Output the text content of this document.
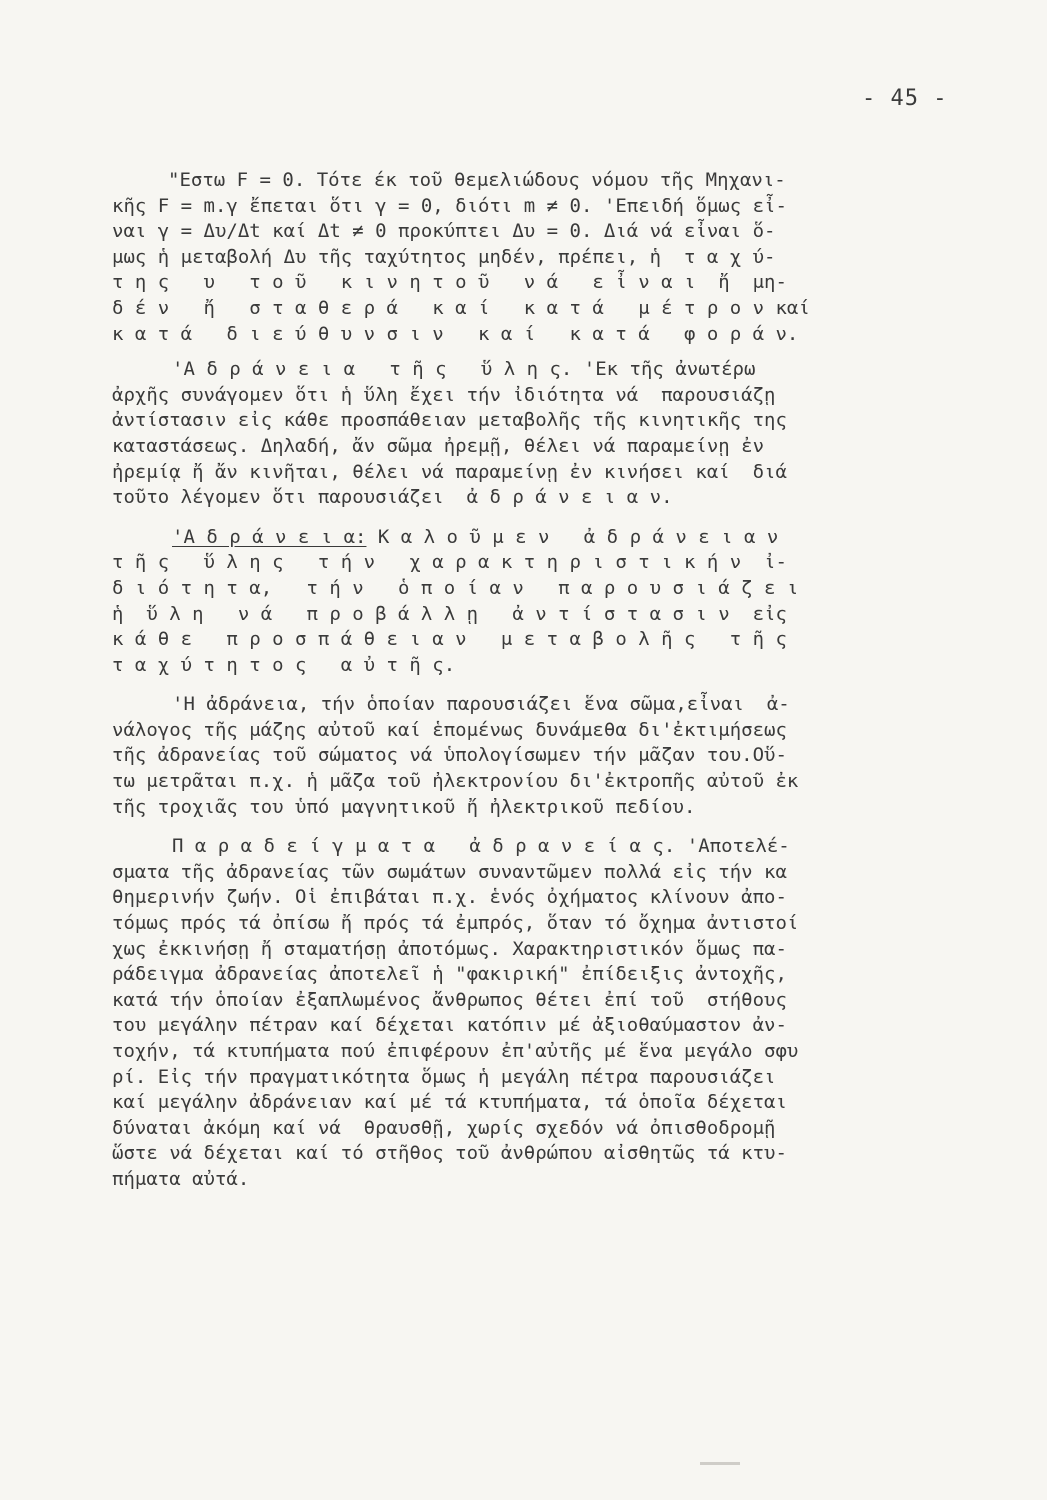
- 45 -
"Εστω F = 0. Τότε έκ τοῦ θεμελιώδους νόμου τῆς Μηχανι-
κῆς F = m.γ ἔπεται ὅτι γ = 0, διότι m ≠ 0. 'Επειδή ὅμως εἶ-
ναι γ = Δυ/Δt καί Δt ≠ 0 προκύπτει Δυ = 0. Διά νά εἶναι ὅ-
μως ἡ μεταβολή Δυ τῆς ταχύτητος μηδέν, πρέπει, ἡ  τ α χ ύ-
τ η ς   υ   τ ο ῦ   κ ι ν η τ ο ῦ   ν ά   ε ἶ ν α ι  ἤ  μη-
δ έ ν   ἤ   σ τ α θ ε ρ ά   κ α ί   κ α τ ά   μ έ τ ρ ο ν καί
κ α τ ά   δ ι ε ύ θ υ ν σ ι ν   κ α ί   κ α τ ά   φ ο ρ ά ν.
'Α δ ρ ά ν ε ι α   τ ῆ ς   ὕ λ η ς. 'Εκ τῆς ἀνωτέρω
ἀρχῆς συνάγομεν ὅτι ἡ ὕλη ἔχει τήν ἰδιότητα νά  παρουσιάζῃ
ἀντίστασιν εἰς κάθε προσπάθειαν μεταβολῆς τῆς κινητικῆς της
καταστάσεως. Δηλαδή, ἄν σῶμα ἠρεμῇ, θέλει νά παραμείνῃ ἐν
ἠρεμίᾳ ἤ ἄν κινῆται, θέλει νά παραμείνῃ ἐν κινήσει καί  διά
τοῦτο λέγομεν ὅτι παρουσιάζει  ἀ δ ρ ά ν ε ι α ν.
'Α δ ρ ά ν ε ι α: Κ α λ ο ῦ μ ε ν   ἀ δ ρ ά ν ε ι α ν
τ ῆ ς   ὕ λ η ς   τ ή ν   χ α ρ α κ τ η ρ ι σ τ ι κ ή ν  ἰ-
δ ι ό τ η τ α,   τ ή ν   ὁ π ο ί α ν   π α ρ ο υ σ ι ά ζ ε ι
ἡ  ὕ λ η   ν ά   π ρ ο β ά λ λ ῃ   ἀ ν τ ί σ τ α σ ι ν  εἰς
κ ά θ ε   π ρ ο σ π ά θ ε ι α ν   μ ε τ α β ο λ ῆ ς   τ ῆ ς
τ α χ ύ τ η τ ο ς   α ὐ τ ῆ ς.
'Η ἀδράνεια, τήν ὁποίαν παρουσιάζει ἕνα σῶμα,εἶναι  ἀ-
νάλογος τῆς μάζης αὐτοῦ καί ἑπομένως δυνάμεθα δι'ἐκτιμήσεως
τῆς ἀδρανείας τοῦ σώματος νά ὑπολογίσωμεν τήν μᾶζαν του.Οὕ-
τω μετρᾶται π.χ. ἡ μᾶζα τοῦ ἠλεκτρονίου δι'ἐκτροπῆς αὐτοῦ ἐκ
τῆς τροχιᾶς του ὑπό μαγνητικοῦ ἤ ἠλεκτρικοῦ πεδίου.
Π α ρ α δ ε ί γ μ α τ α   ἀ δ ρ α ν ε ί α ς. 'Αποτελέ-
σματα τῆς ἀδρανείας τῶν σωμάτων συναντῶμεν πολλά εἰς τήν κα
θημερινήν ζωήν. Οἱ ἐπιβάται π.χ. ἑνός ὀχήματος κλίνουν ἀπο-
τόμως πρός τά ὀπίσω ἤ πρός τά ἐμπρός, ὅταν τό ὄχημα ἀντιστοί
χως ἐκκινήσῃ ἤ σταματήσῃ ἀποτόμως. Χαρακτηριστικόν ὅμως πα-
ράδειγμα ἀδρανείας ἀποτελεῖ ἡ "φακιρική" ἐπίδειξις ἀντοχῆς,
κατά τήν ὁποίαν ἐξαπλωμένος ἄνθρωπος θέτει ἐπί τοῦ  στήθους
του μεγάλην πέτραν καί δέχεται κατόπιν μέ ἀξιοθαύμαστον ἀν-
τοχήν, τά κτυπήματα πού ἐπιφέρουν ἐπ'αὐτῆς μέ ἕνα μεγάλο σφυ
ρί. Εἰς τήν πραγματικότητα ὅμως ἡ μεγάλη πέτρα παρουσιάζει
καί μεγάλην ἀδράνειαν καί μέ τά κτυπήματα, τά ὁποῖα δέχεται
δύναται ἀκόμη καί νά  θραυσθῇ, χωρίς σχεδόν νά ὀπισθοδρομῇ
ὥστε νά δέχεται καί τό στῆθος τοῦ ἀνθρώπου αἰσθητῶς τά κτυ-
πήματα αὐτά.
